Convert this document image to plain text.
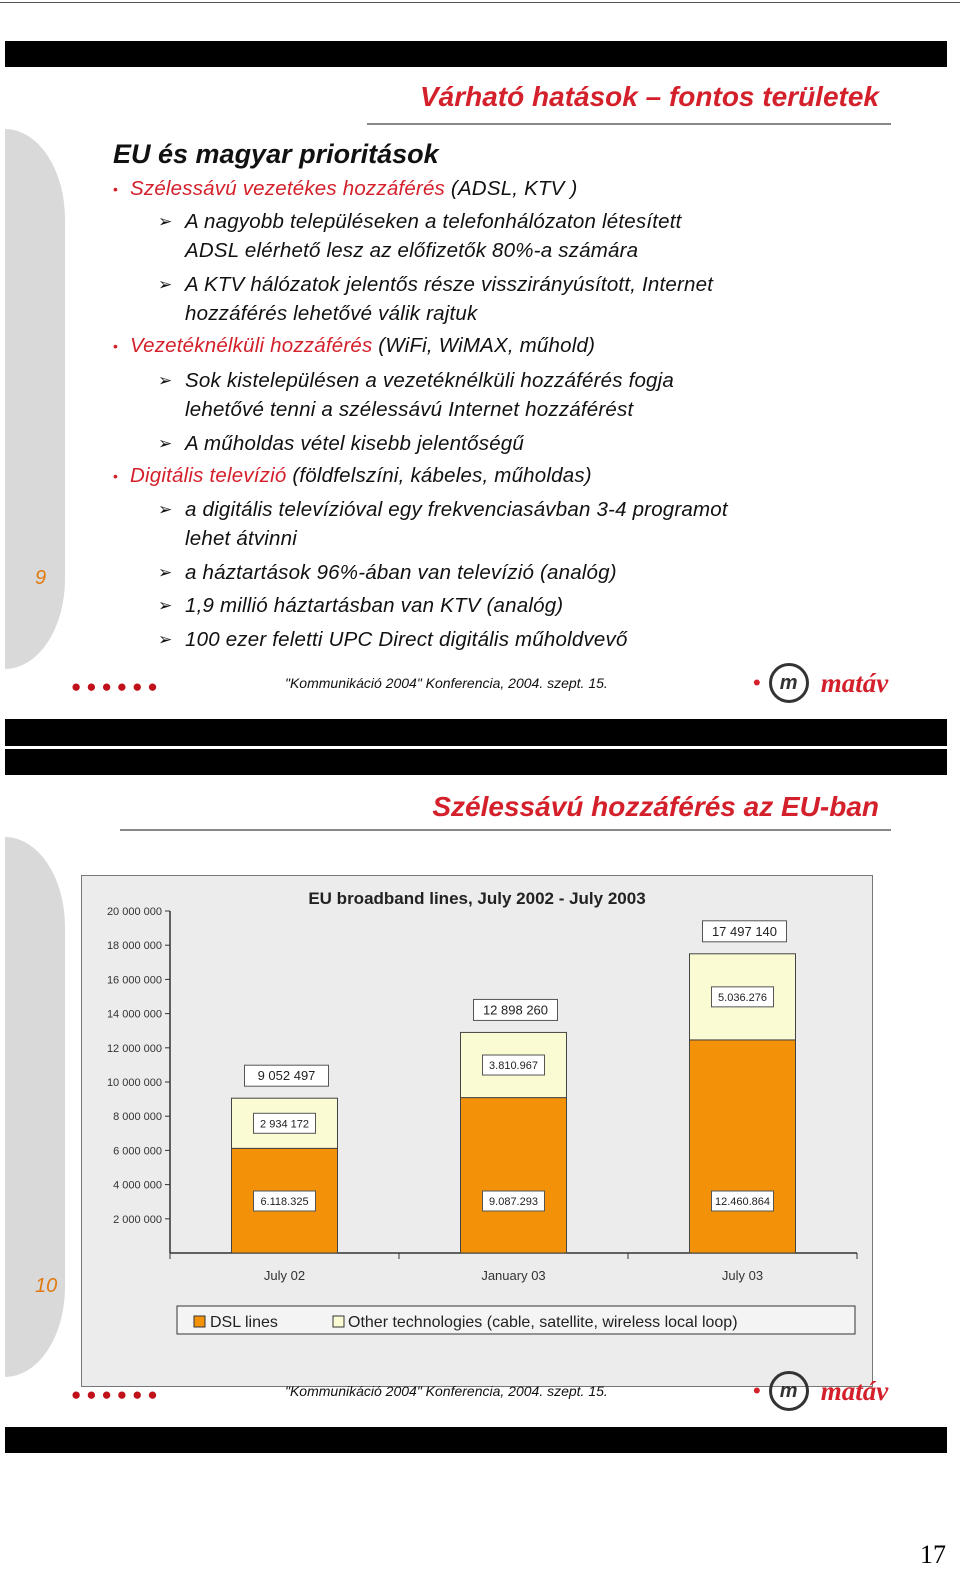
9
Várható hatások – fontos területek
EU és magyar prioritások
• Szélessávú vezetékes hozzáférés (ADSL, KTV )
➢ A nagyobb településeken a telefonhálózaton létesített
ADSL elérhető lesz az előfizetők 80%-a számára
➢ A KTV hálózatok jelentős része visszirányúsított, Internet
hozzáférés lehetővé válik rajtuk
• Vezetéknélküli hozzáférés (WiFi, WiMAX, műhold)
➢ Sok kistelepülésen a vezetéknélküli hozzáférés fogja
lehetővé tenni a szélessávú Internet hozzáférést
➢ A műholdas vétel kisebb jelentőségű
• Digitális televízió (földfelszíni, kábeles, műholdas)
➢ a digitális televízióval egy frekvenciasávban 3-4 programot
lehet átvinni
➢ a háztartások 96%-ában van televízió (analóg)
➢ 1,9 millió háztartásban van KTV (analóg)
➢ 100 ezer feletti UPC Direct digitális műholdvevő
●●●●●●	"Kommunikáció 2004" Konferencia, 2004. szept. 15.	• m matáv
10
Szélessávú hozzáférés az EU-ban
EU broadband lines, July 2002 - July 2003
2 000 000
4 000 000
6 000 000
8 000 000
10 000 000
12 000 000
14 000 000
16 000 000
18 000 000
20 000 000
6.118.325
2 934 172
9 052 497
July 02
9.087.293
3.810.967
12 898 260
January 03
12.460.864
5.036.276
17 497 140
July 03
DSL lines	Other technologies (cable, satellite, wireless local loop)
●●●●●●	"Kommunikáció 2004" Konferencia, 2004. szept. 15.	• m matáv
17
